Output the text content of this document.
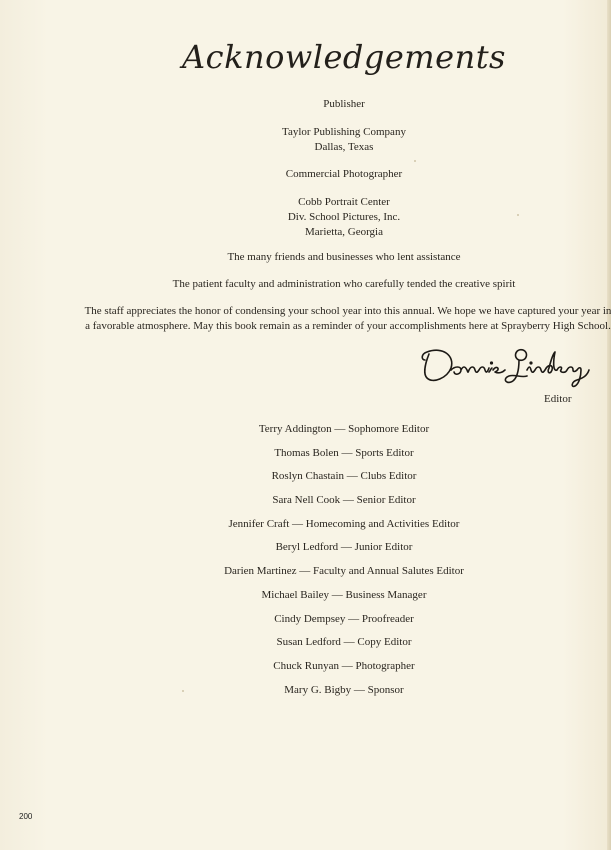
Acknowledgements
Publisher
Taylor Publishing Company
Dallas, Texas
Commercial Photographer
Cobb Portrait Center
Div. School Pictures, Inc.
Marietta, Georgia
The many friends and businesses who lent assistance
The patient faculty and administration who carefully tended the creative spirit
The staff appreciates the honor of condensing your school year into this annual. We hope we have captured your year in
a favorable atmosphere. May this book remain as a reminder of your accomplishments here at Sprayberry High School.
Editor
Terry Addington — Sophomore Editor
Thomas Bolen — Sports Editor
Roslyn Chastain — Clubs Editor
Sara Nell Cook — Senior Editor
Jennifer Craft — Homecoming and Activities Editor
Beryl Ledford — Junior Editor
Darien Martinez — Faculty and Annual Salutes Editor
Michael Bailey — Business Manager
Cindy Dempsey — Proofreader
Susan Ledford — Copy Editor
Chuck Runyan — Photographer
Mary G. Bigby — Sponsor
200
